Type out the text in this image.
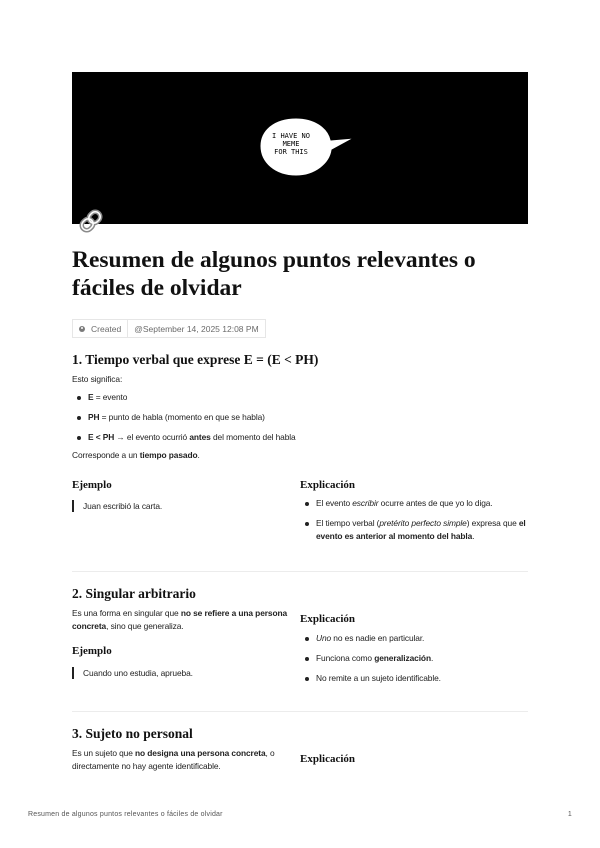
I HAVE NO
MEME
FOR THIS
Resumen de algunos puntos relevantes o fáciles de olvidar
Created	@September 14, 2025 12:08 PM
1. Tiempo verbal que exprese E = (E < PH)
Esto significa:
E = evento
PH = punto de habla (momento en que se habla)
E < PH → el evento ocurrió antes del momento del habla
Corresponde a un tiempo pasado.
Ejemplo
Juan escribió la carta.
Explicación
El evento escribir ocurre antes de que yo lo diga.
El tiempo verbal (pretérito perfecto simple) expresa que el evento es anterior al momento del habla.
2. Singular arbitrario
Es una forma en singular que no se refiere a una persona concreta, sino que generaliza.
Ejemplo
Cuando uno estudia, aprueba.
Explicación
Uno no es nadie en particular.
Funciona como generalización.
No remite a un sujeto identificable.
3. Sujeto no personal
Es un sujeto que no designa una persona concreta, o directamente no hay agente identificable.
Explicación
Resumen de algunos puntos relevantes o fáciles de olvidar	1
